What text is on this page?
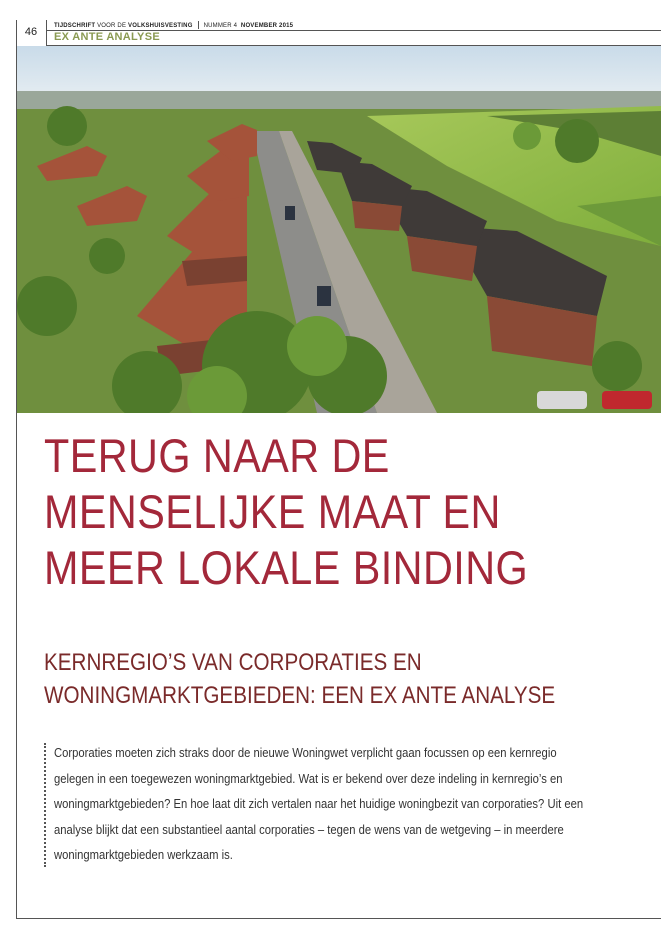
46	TIJDSCHRIFT VOOR DE VOLKSHUISVESTING NUMMER 4 NOVEMBER 2015
EX ANTE ANALYSE
TERUG NAAR DE
MENSELIJKE MAAT EN
MEER LOKALE BINDING
KERNREGIO’S VAN CORPORATIES EN
WONINGMARKTGEBIEDEN: EEN EX ANTE ANALYSE

Corporaties moeten zich straks door de nieuwe Woningwet verplicht gaan focussen op een kernregio
gelegen in een toegewezen woningmarktgebied. Wat is er bekend over deze indeling in kernregio’s en
woningmarktgebieden? En hoe laat dit zich vertalen naar het huidige woningbezit van corporaties? Uit een
analyse blijkt dat een substantieel aantal corporaties – tegen de wens van de wetgeving – in meerdere
woningmarktgebieden werkzaam is.
